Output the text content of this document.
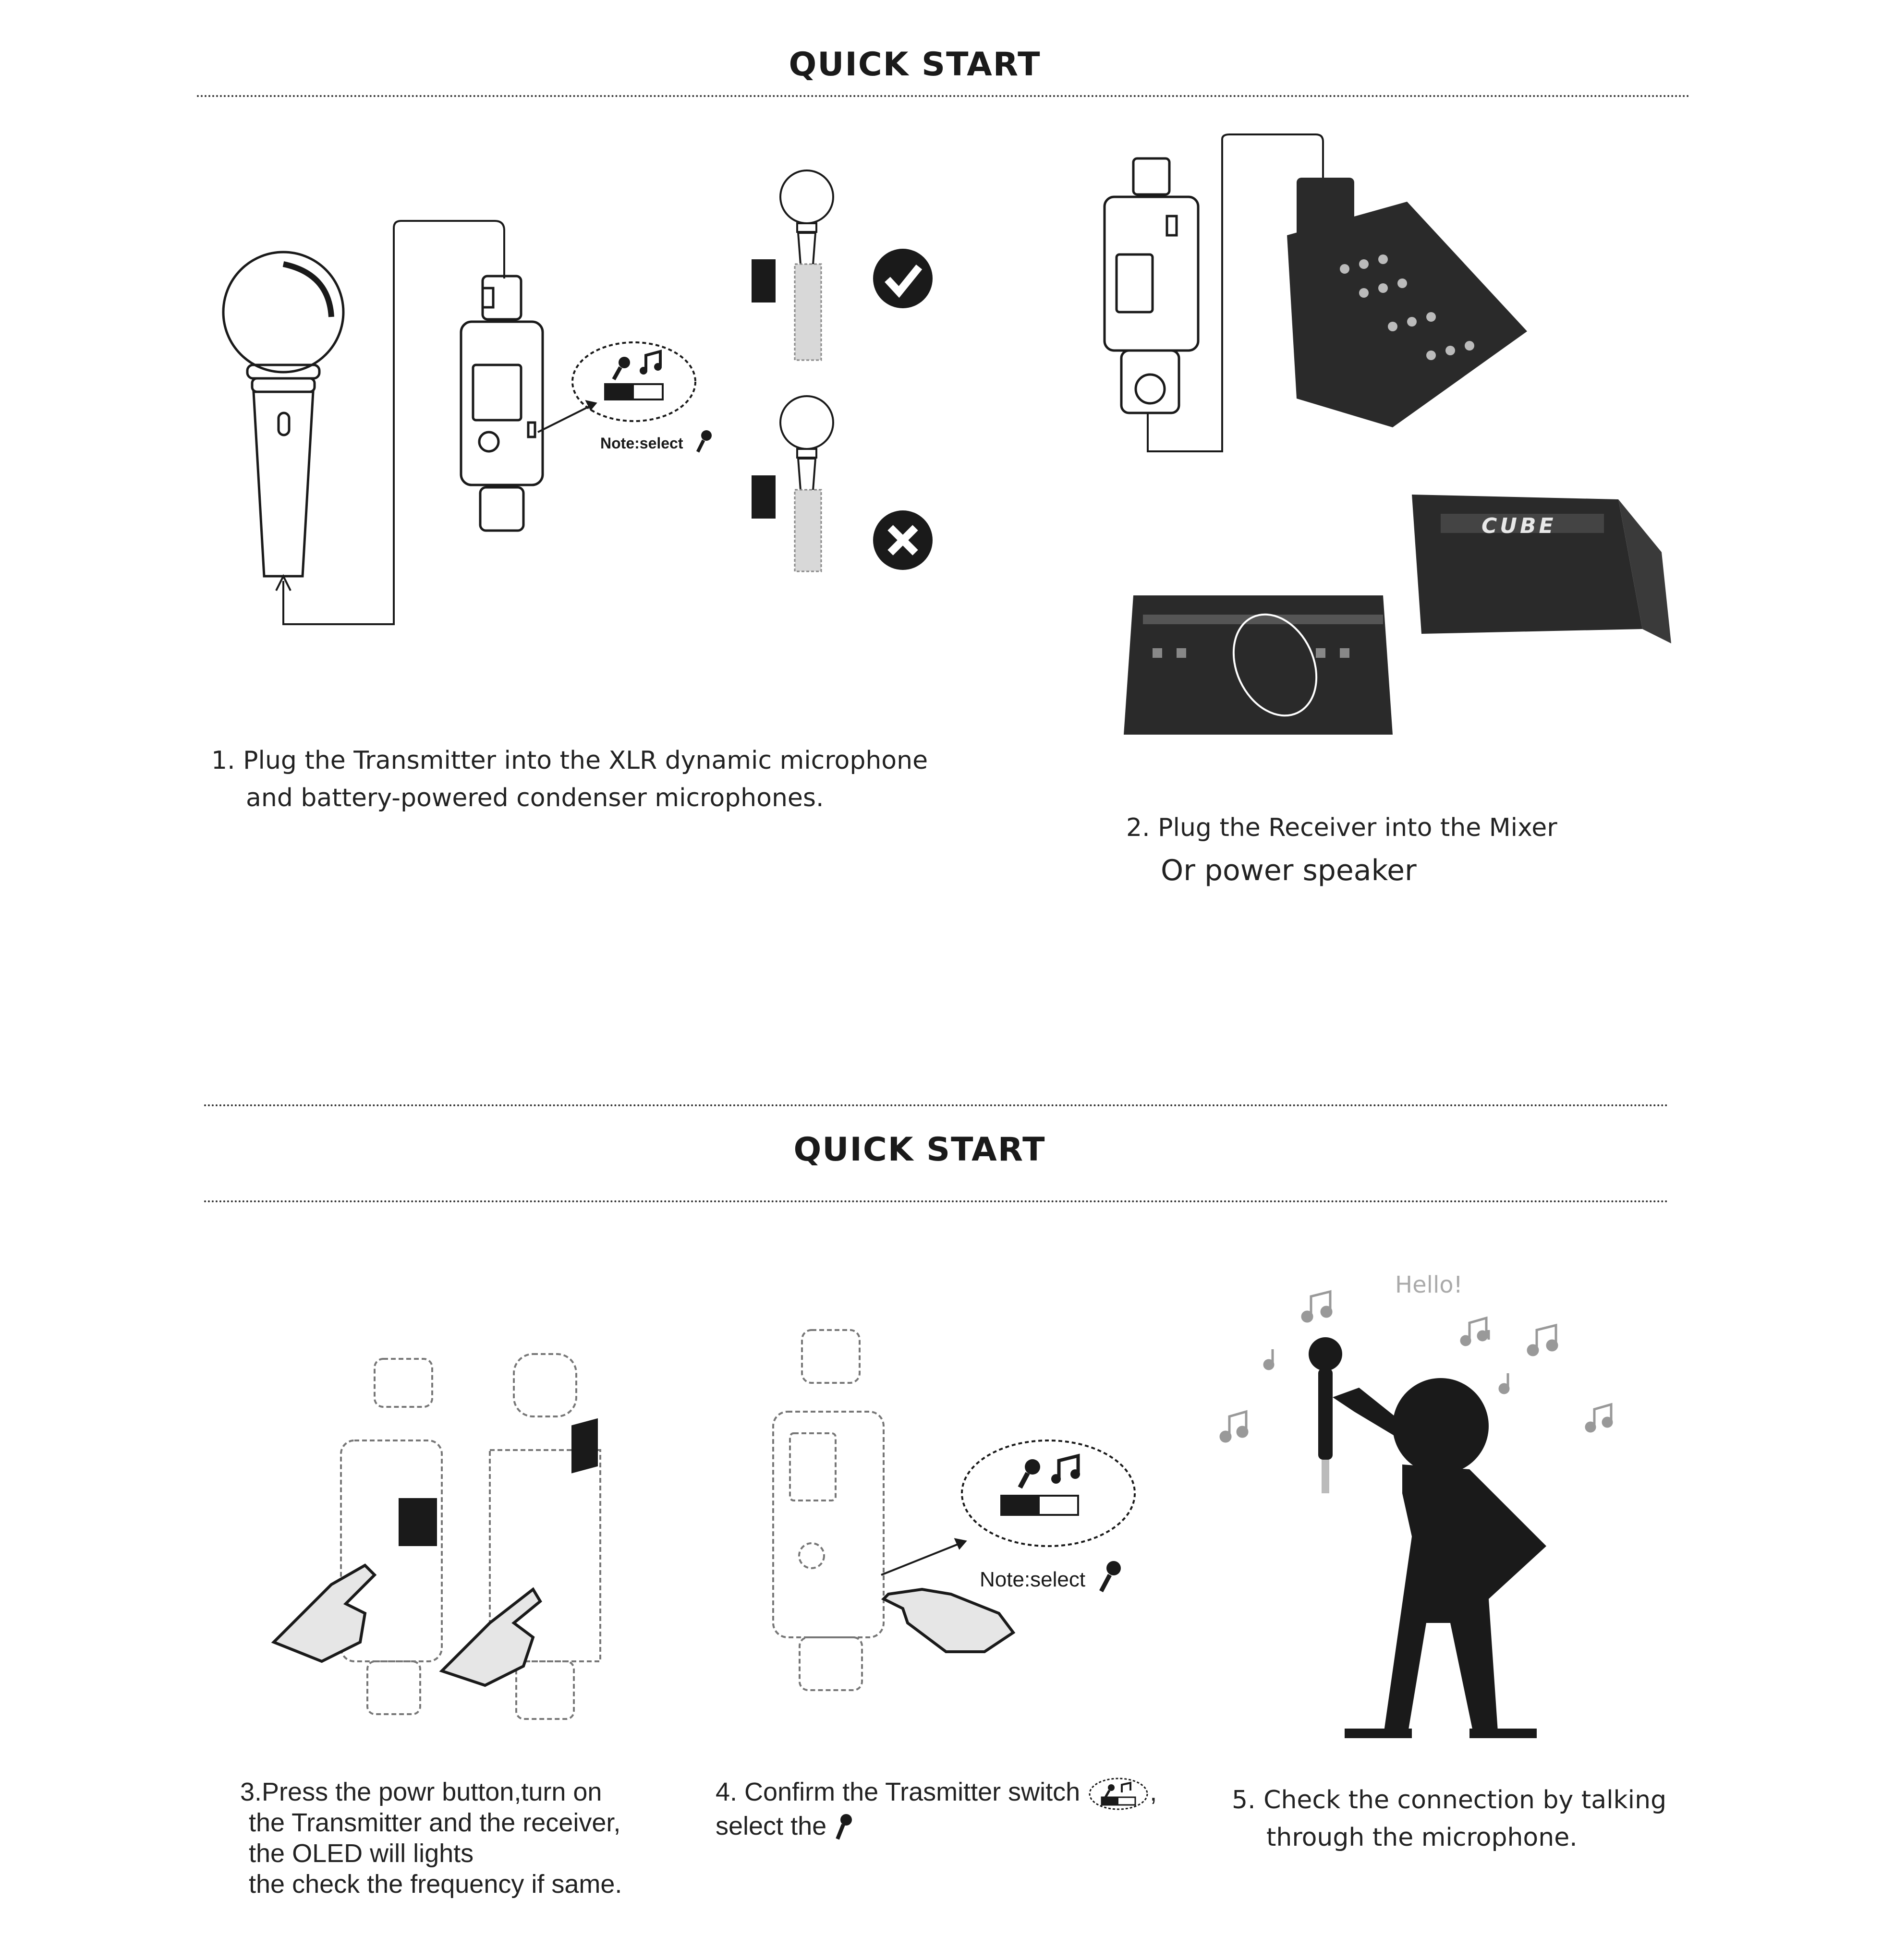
QUICK START
Note:select
CUBE
1. Plug the Transmitter into the XLR dynamic microphone
and battery-powered condenser microphones.
2. Plug the Receiver into the Mixer
Or power speaker
QUICK START
Note:select
Hello!
3.Press the powr button,turn on
the Transmitter and the receiver,
the OLED will lights
the check the frequency if same.
4. Confirm the Trasmitter switch	,
select the
5. Check the connection by talking
through the microphone.
